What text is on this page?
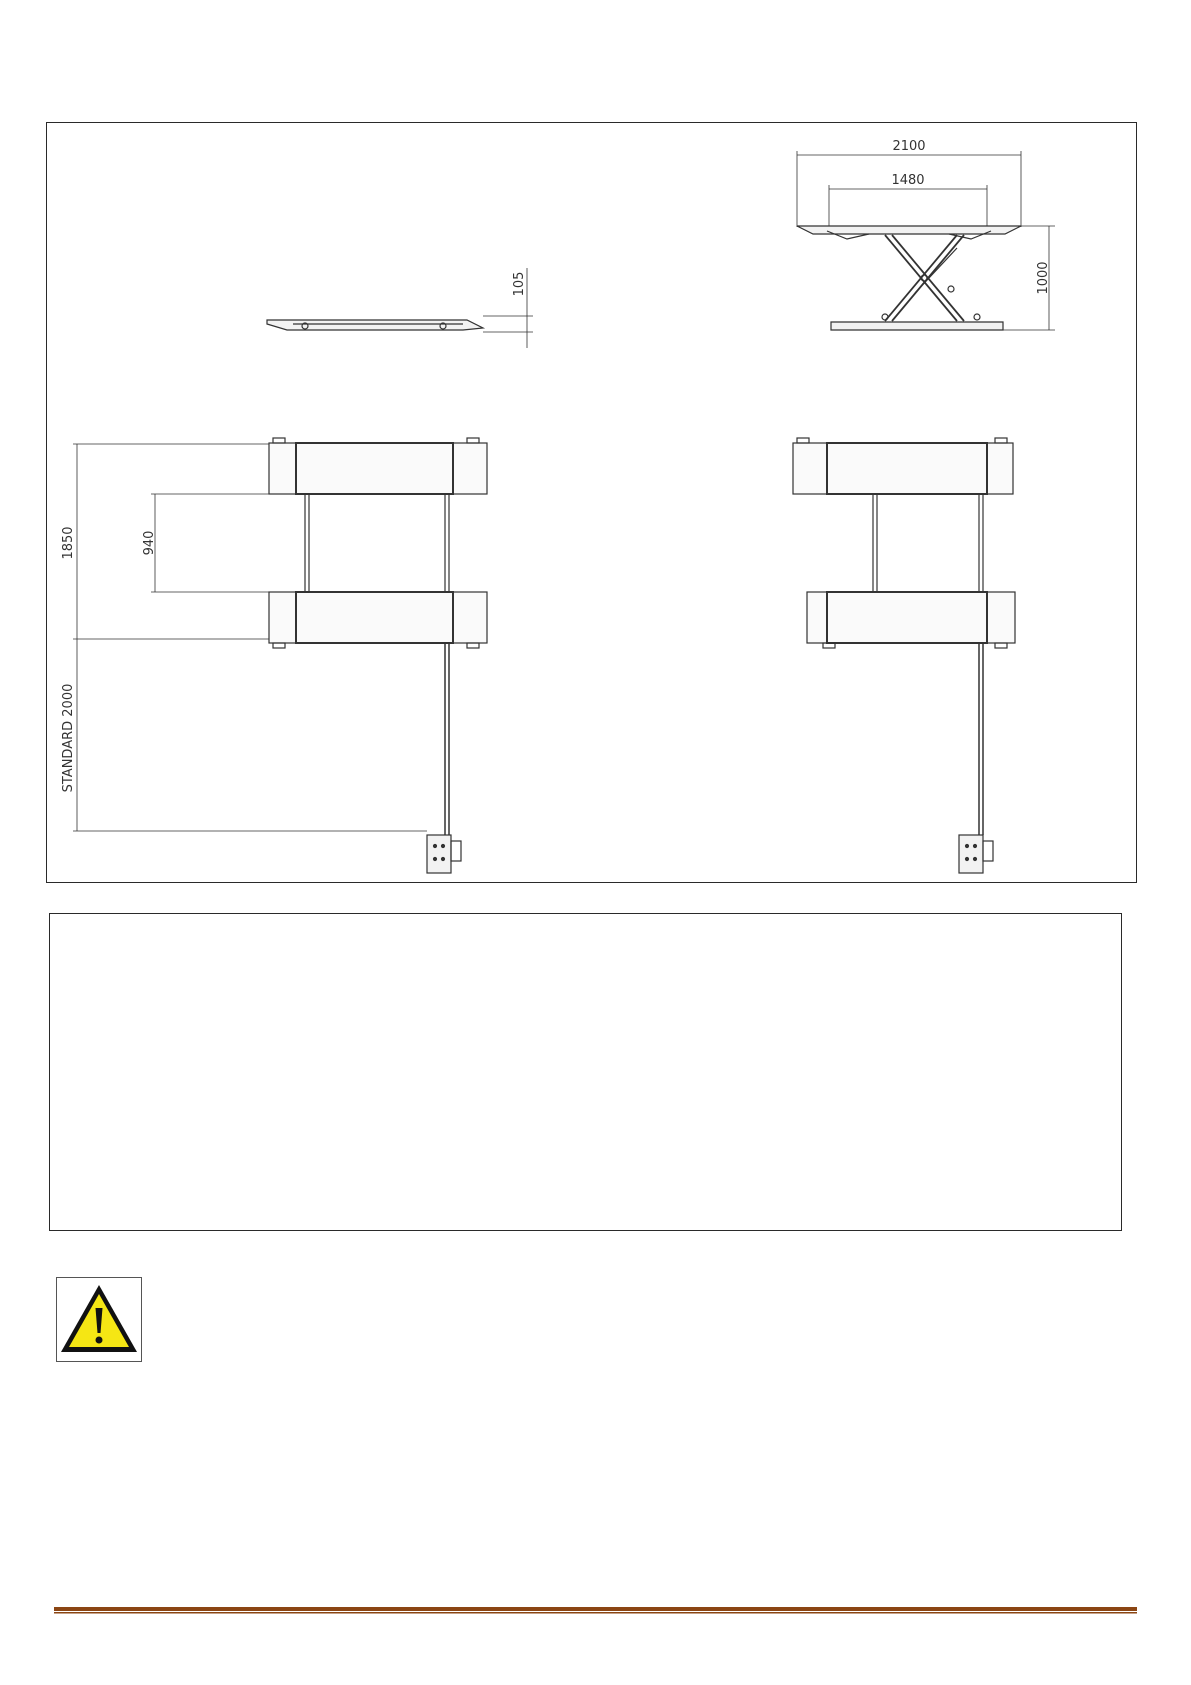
2100
1480
1000
105
1850	940
STANDARD 2000
